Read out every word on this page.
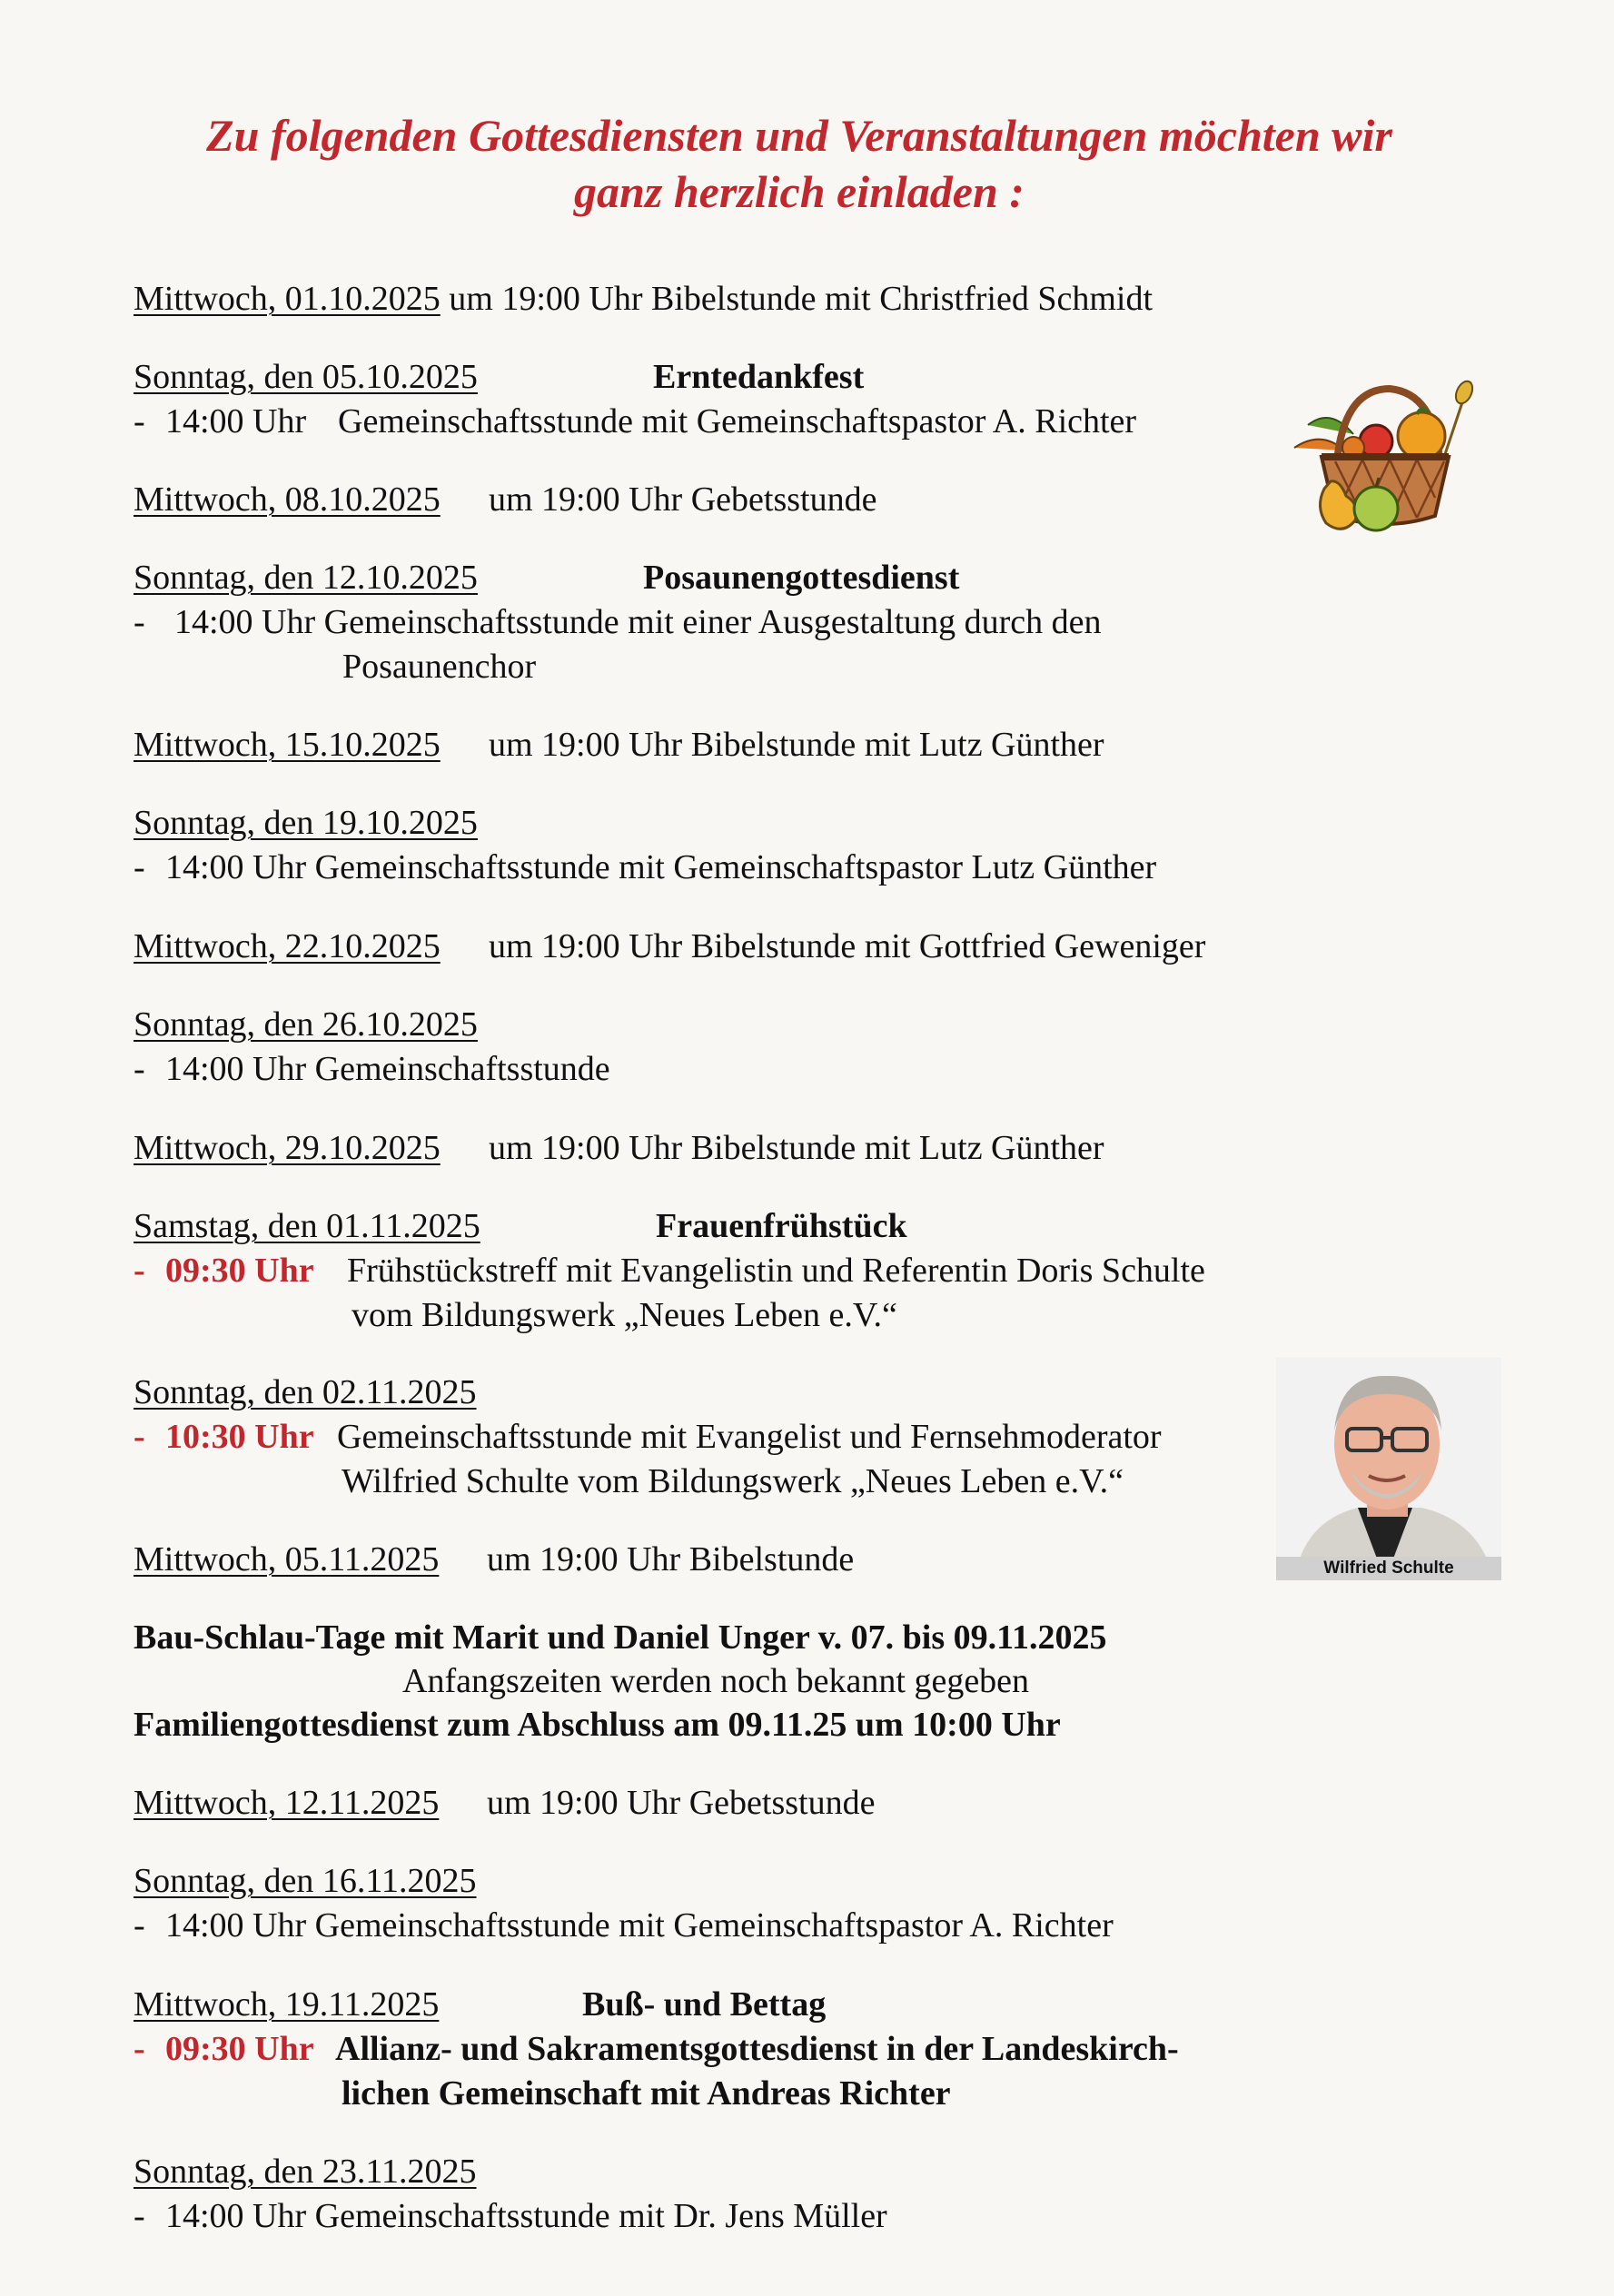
Zu folgenden Gottesdiensten und Veranstaltungen möchten wir
ganz herzlich einladen :
Mittwoch, 01.10.2025 um 19:00 Uhr Bibelstunde mit Christfried Schmidt
Sonntag, den 05.10.2025	Erntedankfest
- 14:00 Uhr Gemeinschaftsstunde mit Gemeinschaftspastor A. Richter
Mittwoch, 08.10.2025 um 19:00 Uhr Gebetsstunde
Sonntag, den 12.10.2025	Posaunengottesdienst
- 14:00 Uhr Gemeinschaftsstunde mit einer Ausgestaltung durch den
Posaunenchor
Mittwoch, 15.10.2025 um 19:00 Uhr Bibelstunde mit Lutz Günther
Sonntag, den 19.10.2025
- 14:00 Uhr Gemeinschaftsstunde mit Gemeinschaftspastor Lutz Günther
Mittwoch, 22.10.2025 um 19:00 Uhr Bibelstunde mit Gottfried Geweniger
Sonntag, den 26.10.2025
- 14:00 Uhr Gemeinschaftsstunde
Mittwoch, 29.10.2025 um 19:00 Uhr Bibelstunde mit Lutz Günther
Samstag, den 01.11.2025	Frauenfrühstück
- 09:30 Uhr Frühstückstreff mit Evangelistin und Referentin Doris Schulte
vom Bildungswerk „Neues Leben e.V.“
Sonntag, den 02.11.2025
- 10:30 Uhr Gemeinschaftsstunde mit Evangelist und Fernsehmoderator
Wilfried Schulte vom Bildungswerk „Neues Leben e.V.“
Mittwoch, 05.11.2025 um 19:00 Uhr Bibelstunde
Bau-Schlau-Tage mit Marit und Daniel Unger v. 07. bis 09.11.2025
Anfangszeiten werden noch bekannt gegeben
Familiengottesdienst zum Abschluss am 09.11.25 um 10:00 Uhr
Mittwoch, 12.11.2025 um 19:00 Uhr Gebetsstunde
Sonntag, den 16.11.2025
- 14:00 Uhr Gemeinschaftsstunde mit Gemeinschaftspastor A. Richter
Mittwoch, 19.11.2025	Buß- und Bettag
- 09:30 Uhr Allianz- und Sakramentsgottesdienst in der Landeskirch-
lichen Gemeinschaft mit Andreas Richter
Sonntag, den 23.11.2025
- 14:00 Uhr Gemeinschaftsstunde mit Dr. Jens Müller
Wilfried Schulte
